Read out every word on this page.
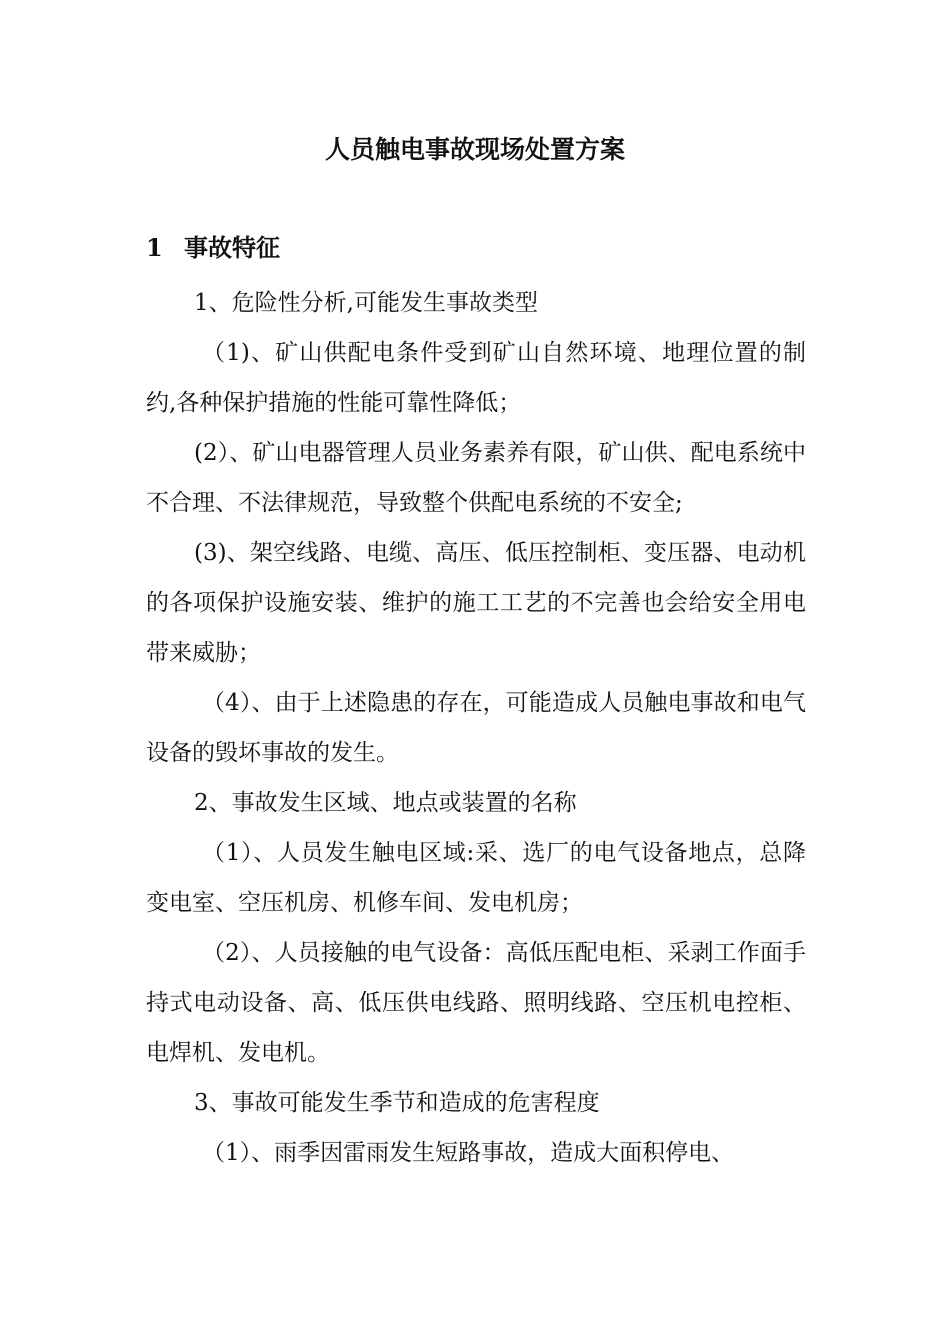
人员触电事故现场处置方案
1 事故特征

1、危险性分析,可能发生事故类型

（1)、矿山供配电条件受到矿山自然环境、地理位置的制约,各种保护措施的性能可靠性降低；

(2）、矿山电器管理人员业务素养有限，矿山供、配电系统中不合理、不法律规范，导致整个供配电系统的不安全;

(3)、架空线路、电缆、高压、低压控制柜、变压器、电动机的各项保护设施安装、维护的施工工艺的不完善也会给安全用电带来威胁；

（4）、由于上述隐患的存在，可能造成人员触电事故和电气设备的毁坏事故的发生。

2、事故发生区域、地点或装置的名称

（1）、人员发生触电区域:采、选厂的电气设备地点，总降变电室、空压机房、机修车间、发电机房；

（2）、人员接触的电气设备：高低压配电柜、采剥工作面手持式电动设备、高、低压供电线路、照明线路、空压机电控柜、电焊机、发电机。

3、事故可能发生季节和造成的危害程度

（1）、雨季因雷雨发生短路事故，造成大面积停电、
